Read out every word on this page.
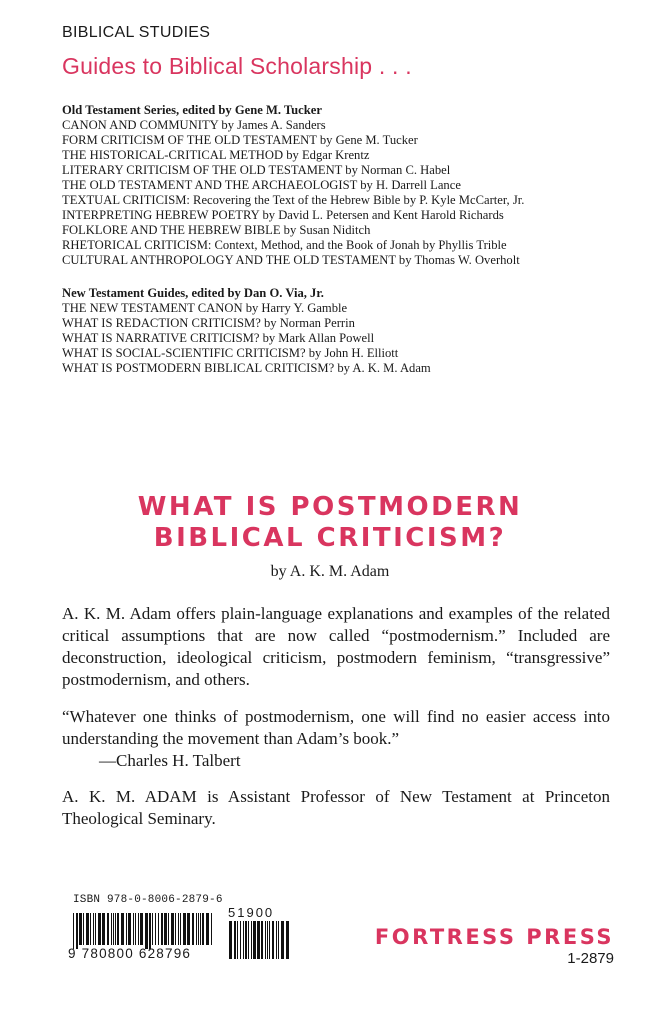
BIBLICAL STUDIES
Guides to Biblical Scholarship . . .
Old Testament Series, edited by Gene M. Tucker
CANON AND COMMUNITY by James A. Sanders
FORM CRITICISM OF THE OLD TESTAMENT by Gene M. Tucker
THE HISTORICAL-CRITICAL METHOD by Edgar Krentz
LITERARY CRITICISM OF THE OLD TESTAMENT by Norman C. Habel
THE OLD TESTAMENT AND THE ARCHAEOLOGIST by H. Darrell Lance
TEXTUAL CRITICISM: Recovering the Text of the Hebrew Bible by P. Kyle McCarter, Jr.
INTERPRETING HEBREW POETRY by David L. Petersen and Kent Harold Richards
FOLKLORE AND THE HEBREW BIBLE by Susan Niditch
RHETORICAL CRITICISM: Context, Method, and the Book of Jonah by Phyllis Trible
CULTURAL ANTHROPOLOGY AND THE OLD TESTAMENT by Thomas W. Overholt
New Testament Guides, edited by Dan O. Via, Jr.
THE NEW TESTAMENT CANON by Harry Y. Gamble
WHAT IS REDACTION CRITICISM? by Norman Perrin
WHAT IS NARRATIVE CRITICISM? by Mark Allan Powell
WHAT IS SOCIAL-SCIENTIFIC CRITICISM? by John H. Elliott
WHAT IS POSTMODERN BIBLICAL CRITICISM? by A. K. M. Adam
WHAT IS POSTMODERN
BIBLICAL CRITICISM?
by A. K. M. Adam
A. K. M. Adam offers plain-language explanations and examples of the related critical assumptions that are now called “postmodernism.” Included are deconstruction, ideological criticism, postmodern feminism, “transgressive” postmodernism, and others.
“Whatever one thinks of postmodernism, one will find no easier access into understanding the movement than Adam’s book.”
—Charles H. Talbert
A. K. M. ADAM is Assistant Professor of New Testament at Princeton Theological Seminary.
ISBN 978-0-8006-2879-6
9 780800 628796
51900
FORTRESS PRESS
1-2879
